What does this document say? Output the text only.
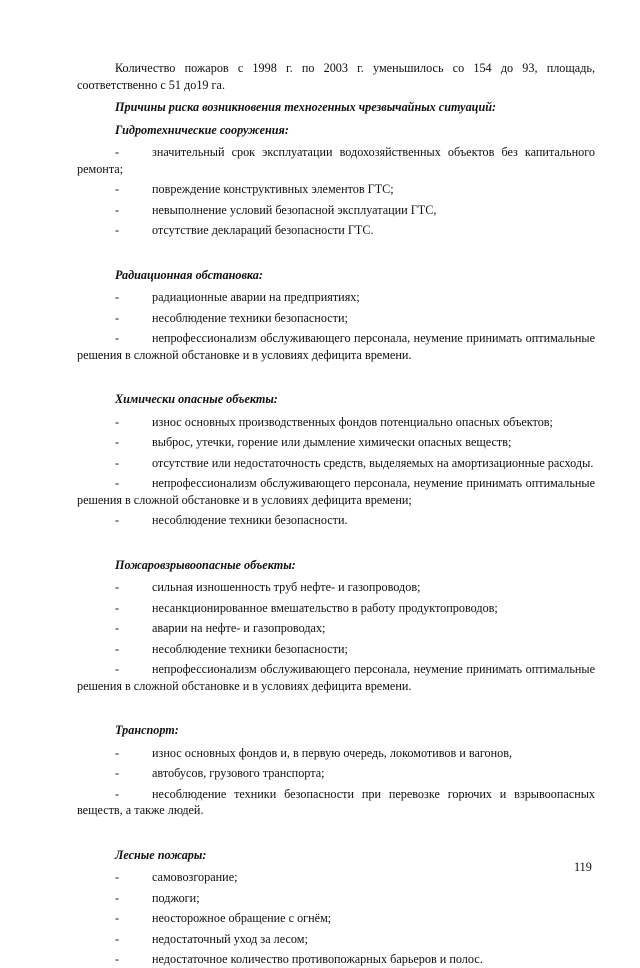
Количество пожаров с 1998 г. по 2003 г. уменьшилось со 154 до 93, площадь, соответственно с 51 до19 га.

Причины риска возникновения техногенных чрезвычайных ситуаций:

Гидротехнические сооружения:

-	значительный срок эксплуатации водохозяйственных объектов без капитального ремонта;

-	повреждение конструктивных элементов ГТС;

-	невыполнение условий безопасной эксплуатации ГТС,

-	отсутствие деклараций безопасности ГТС.

Радиационная обстановка:

-	радиационные аварии на предприятиях;

-	несоблюдение техники безопасности;

-	непрофессионализм обслуживающего персонала, неумение принимать оптимальные решения в сложной обстановке и в условиях дефицита времени.

Химически опасные объекты:

-	износ основных производственных фондов потенциально опасных объектов;

-	выброс, утечки, горение или дымление химически опасных веществ;

-	отсутствие или недостаточность средств, выделяемых на амортизационные расходы.

-	непрофессионализм обслуживающего персонала, неумение принимать оптимальные решения в сложной обстановке и в условиях дефицита времени;

-	несоблюдение техники безопасности.

Пожаровзрывоопасные объекты:

-	сильная изношенность труб нефте- и газопроводов;

-	несанкционированное вмешательство в работу продуктопроводов;

-	аварии на нефте- и газопроводах;

-	несоблюдение техники безопасности;

-	непрофессионализм обслуживающего персонала, неумение принимать оптимальные решения в сложной обстановке и в условиях дефицита времени.

Транспорт:

-	износ основных фондов и, в первую очередь, локомотивов и вагонов,

-	автобусов, грузового транспорта;

-	несоблюдение техники безопасности при перевозке горючих и взрывоопасных веществ, а также людей.

Лесные пожары:

-	самовозгорание;

-	поджоги;

-	неосторожное обращение с огнём;

-	недостаточный уход за лесом;

-	недостаточное количество противопожарных барьеров и полос.

119
